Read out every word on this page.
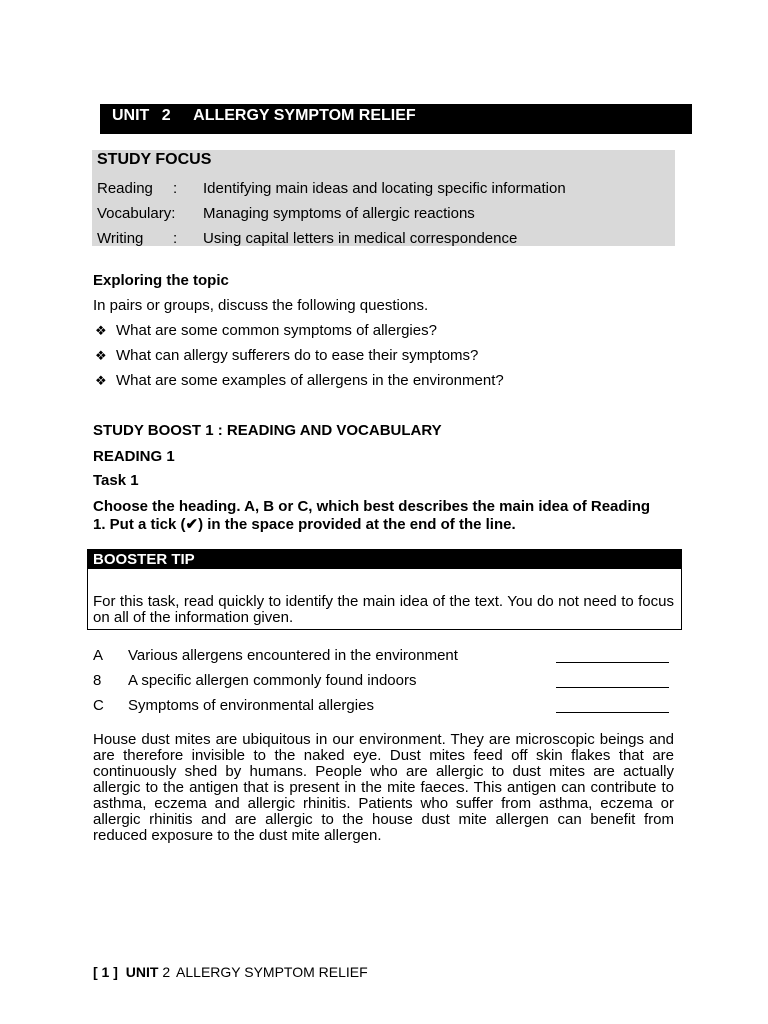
UNIT 2 ALLERGY SYMPTOM RELIEF
STUDY FOCUS
Reading : Identifying main ideas and locating specific information
Vocabulary: Managing symptoms of allergic reactions
Writing : Using capital letters in medical correspondence
Exploring the topic
In pairs or groups, discuss the following questions.
❖ What are some common symptoms of allergies?
❖ What can allergy sufferers do to ease their symptoms?
❖ What are some examples of allergens in the environment?
STUDY BOOST 1 : READING AND VOCABULARY
READING 1
Task 1
Choose the heading. A, B or C, which best describes the main idea of Reading
1. Put a tick (✔) in the space provided at the end of the line.
BOOSTER TIP
For this task, read quickly to identify the main idea of the text. You do not need to focus on all of the information given.
A Various allergens encountered in the environment
8 A specific allergen commonly found indoors
C Symptoms of environmental allergies
House dust mites are ubiquitous in our environment. They are microscopic beings and are therefore invisible to the naked eye. Dust mites feed off skin flakes that are continuously shed by humans. People who are allergic to dust mites are actually allergic to the antigen that is present in the mite faeces. This antigen can contribute to asthma, eczema and allergic rhinitis. Patients who suffer from asthma, eczema or allergic rhinitis and are allergic to the house dust mite allergen can benefit from reduced exposure to the dust mite allergen.
[ 1 ] UNIT 2 ALLERGY SYMPTOM RELIEF
